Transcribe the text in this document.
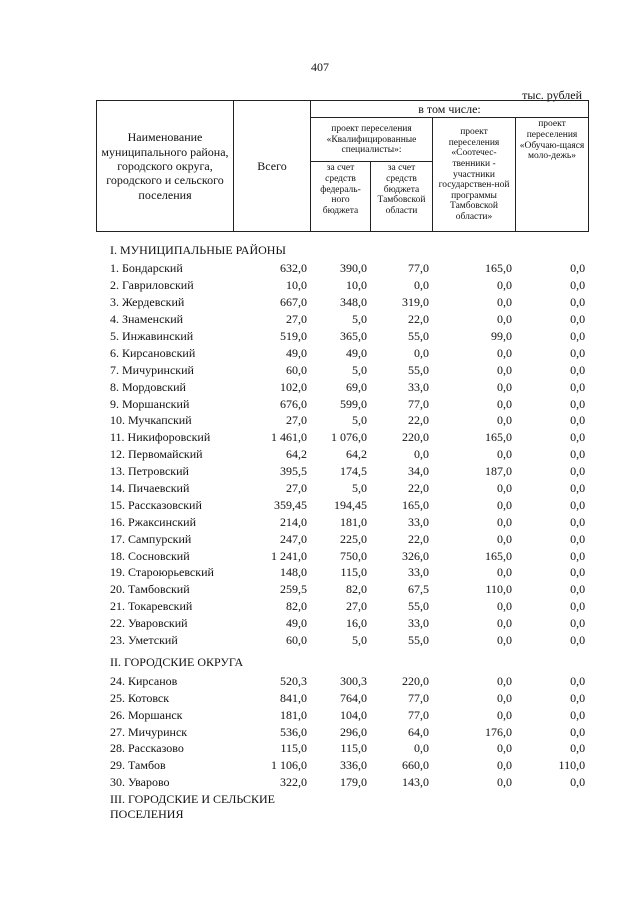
407
тыс. рублей
Наименование муниципального района, городского округа, городского и сельского поселения	Всего	в том числе:			
		проект переселения «Квалифицированные специалисты»:		проект переселения «Соотечес-твенники - участники государствен-ной программы Тамбовской области»	проект переселения «Обучаю-щаяся моло-дежь»
		за счет средств федераль-ного бюджета	за счет средств бюджета Тамбовской области		
I. МУНИЦИПАЛЬНЫЕ РАЙОНЫ					
1. Бондарский	632,0	390,0	77,0	165,0	0,0
2. Гавриловский	10,0	10,0	0,0	0,0	0,0
3. Жердевский	667,0	348,0	319,0	0,0	0,0
4. Знаменский	27,0	5,0	22,0	0,0	0,0
5. Инжавинский	519,0	365,0	55,0	99,0	0,0
6. Кирсановский	49,0	49,0	0,0	0,0	0,0
7. Мичуринский	60,0	5,0	55,0	0,0	0,0
8. Мордовский	102,0	69,0	33,0	0,0	0,0
9. Моршанский	676,0	599,0	77,0	0,0	0,0
10. Мучкапский	27,0	5,0	22,0	0,0	0,0
11. Никифоровский	1 461,0	1 076,0	220,0	165,0	0,0
12. Первомайский	64,2	64,2	0,0	0,0	0,0
13. Петровский	395,5	174,5	34,0	187,0	0,0
14. Пичаевский	27,0	5,0	22,0	0,0	0,0
15. Рассказовский	359,45	194,45	165,0	0,0	0,0
16. Ржаксинский	214,0	181,0	33,0	0,0	0,0
17. Сампурский	247,0	225,0	22,0	0,0	0,0
18. Сосновский	1 241,0	750,0	326,0	165,0	0,0
19. Староюрьевский	148,0	115,0	33,0	0,0	0,0
20. Тамбовский	259,5	82,0	67,5	110,0	0,0
21. Токаревский	82,0	27,0	55,0	0,0	0,0
22. Уваровский	49,0	16,0	33,0	0,0	0,0
23. Уметский	60,0	5,0	55,0	0,0	0,0
II. ГОРОДСКИЕ ОКРУГА					
24. Кирсанов	520,3	300,3	220,0	0,0	0,0
25. Котовск	841,0	764,0	77,0	0,0	0,0
26. Моршанск	181,0	104,0	77,0	0,0	0,0
27. Мичуринск	536,0	296,0	64,0	176,0	0,0
28. Рассказово	115,0	115,0	0,0	0,0	0,0
29. Тамбов	1 106,0	336,0	660,0	0,0	110,0
30. Уварово	322,0	179,0	143,0	0,0	0,0
III. ГОРОДСКИЕ И СЕЛЬСКИЕ ПОСЕЛЕНИЯ					
